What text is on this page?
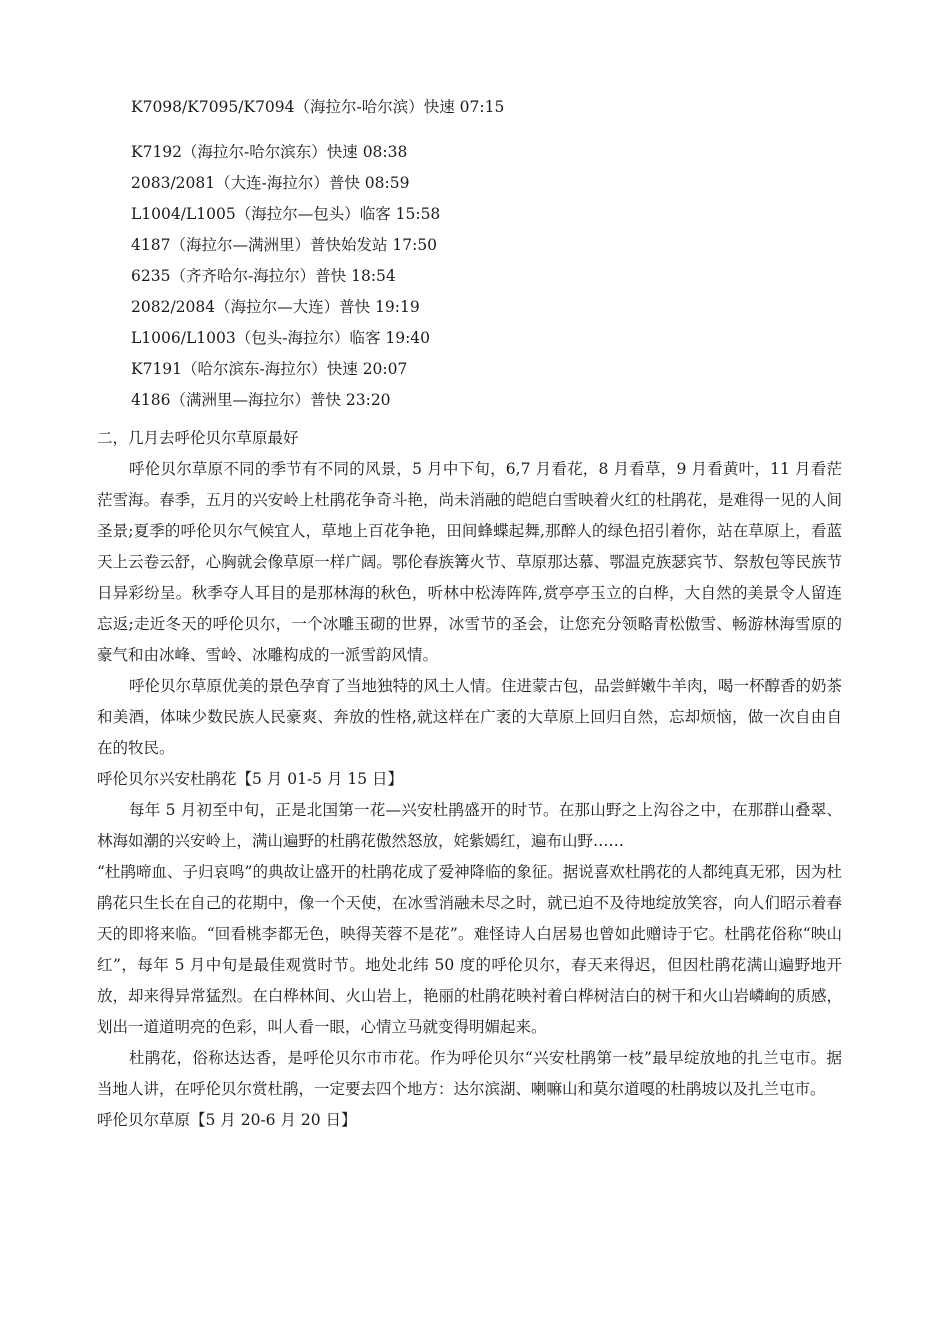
K7098/K7095/K7094（海拉尔-哈尔滨）快速 07:15
K7192（海拉尔-哈尔滨东）快速 08:38
2083/2081（大连-海拉尔）普快 08:59
L1004/L1005（海拉尔—包头）临客 15:58
4187（海拉尔—满洲里）普快始发站 17:50
6235（齐齐哈尔-海拉尔）普快 18:54
2082/2084（海拉尔—大连）普快 19:19
L1006/L1003（包头-海拉尔）临客 19:40
K7191（哈尔滨东-海拉尔）快速 20:07
4186（满洲里—海拉尔）普快 23:20

二，几月去呼伦贝尔草原最好

呼伦贝尔草原不同的季节有不同的风景，5 月中下旬，6,7 月看花，8 月看草，9 月看黄叶，11 月看茫茫雪海。春季，五月的兴安岭上杜鹃花争奇斗艳，尚未消融的皑皑白雪映着火红的杜鹃花，是难得一见的人间圣景;夏季的呼伦贝尔气候宜人，草地上百花争艳，田间蜂蝶起舞,那醉人的绿色招引着你，站在草原上，看蓝天上云卷云舒，心胸就会像草原一样广阔。鄂伦春族篝火节、草原那达慕、鄂温克族瑟宾节、祭敖包等民族节日异彩纷呈。秋季夺人耳目的是那林海的秋色，听林中松涛阵阵,赏亭亭玉立的白桦，大自然的美景令人留连忘返;走近冬天的呼伦贝尔，一个冰雕玉砌的世界，冰雪节的圣会，让您充分领略青松傲雪、畅游林海雪原的豪气和由冰峰、雪岭、冰雕构成的一派雪韵风情。

呼伦贝尔草原优美的景色孕育了当地独特的风土人情。住进蒙古包，品尝鲜嫩牛羊肉，喝一杯醇香的奶茶和美酒，体味少数民族人民豪爽、奔放的性格,就这样在广袤的大草原上回归自然，忘却烦恼，做一次自由自在的牧民。

呼伦贝尔兴安杜鹃花【5 月 01-5 月 15 日】

每年 5 月初至中旬，正是北国第一花—兴安杜鹃盛开的时节。在那山野之上沟谷之中，在那群山叠翠、林海如潮的兴安岭上，满山遍野的杜鹃花傲然怒放，姹紫嫣红，遍布山野……

“杜鹃啼血、子归哀鸣”的典故让盛开的杜鹃花成了爱神降临的象征。据说喜欢杜鹃花的人都纯真无邪，因为杜鹃花只生长在自己的花期中，像一个天使，在冰雪消融未尽之时，就已迫不及待地绽放笑容，向人们昭示着春天的即将来临。“回看桃李都无色，映得芙蓉不是花”。难怪诗人白居易也曾如此赠诗于它。杜鹃花俗称“映山红”，每年 5 月中旬是最佳观赏时节。地处北纬 50 度的呼伦贝尔，春天来得迟，但因杜鹃花满山遍野地开放，却来得异常猛烈。在白桦林间、火山岩上，艳丽的杜鹃花映衬着白桦树洁白的树干和火山岩嶙峋的质感，划出一道道明亮的色彩，叫人看一眼，心情立马就变得明媚起来。

杜鹃花，俗称达达香，是呼伦贝尔市市花。作为呼伦贝尔“兴安杜鹃第一枝”最早绽放地的扎兰屯市。据当地人讲，在呼伦贝尔赏杜鹃，一定要去四个地方：达尔滨湖、喇嘛山和莫尔道嘎的杜鹃坡以及扎兰屯市。

呼伦贝尔草原【5 月 20-6 月 20 日】
